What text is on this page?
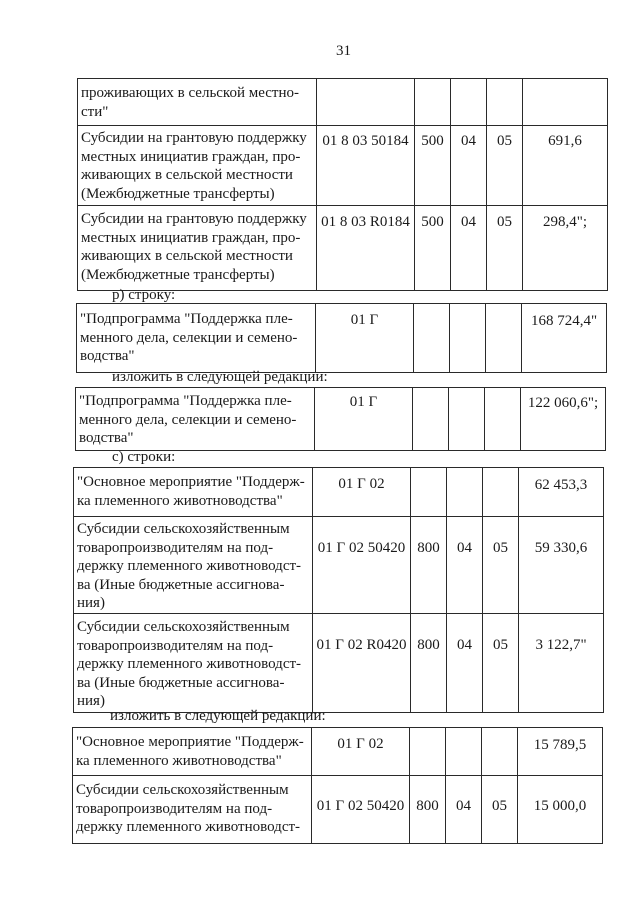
31
проживающих в сельской местно-
сти"					
Субсидии на грантовую поддержку
местных инициатив граждан, про-
живающих в сельской местности
(Межбюджетные трансферты)	01 8 03 50184	500	04	05	691,6
Субсидии на грантовую поддержку
местных инициатив граждан, про-
живающих в сельской местности
(Межбюджетные трансферты)	01 8 03 R0184	500	04	05	298,4";
р) строку:
"Подпрограмма "Поддержка пле-
менного дела, селекции и семено-
водства"	01 Г				168 724,4"
изложить в следующей редакции:
"Подпрограмма "Поддержка пле-
менного дела, селекции и семено-
водства"	01 Г				122 060,6";
с) строки:
"Основное мероприятие "Поддерж-
ка племенного животноводства"	01 Г 02				62 453,3
Субсидии сельскохозяйственным
товаропроизводителям на под-
держку племенного животноводст-
ва (Иные бюджетные ассигнова-
ния)	01 Г 02 50420	800	04	05	59 330,6
Субсидии сельскохозяйственным
товаропроизводителям на под-
держку племенного животноводст-
ва (Иные бюджетные ассигнова-
ния)	01 Г 02 R0420	800	04	05	3 122,7"
изложить в следующей редакции:
"Основное мероприятие "Поддерж-
ка племенного животноводства"	01 Г 02				15 789,5
Субсидии сельскохозяйственным
товаропроизводителям на под-
держку племенного животноводст-	01 Г 02 50420	800	04	05	15 000,0
